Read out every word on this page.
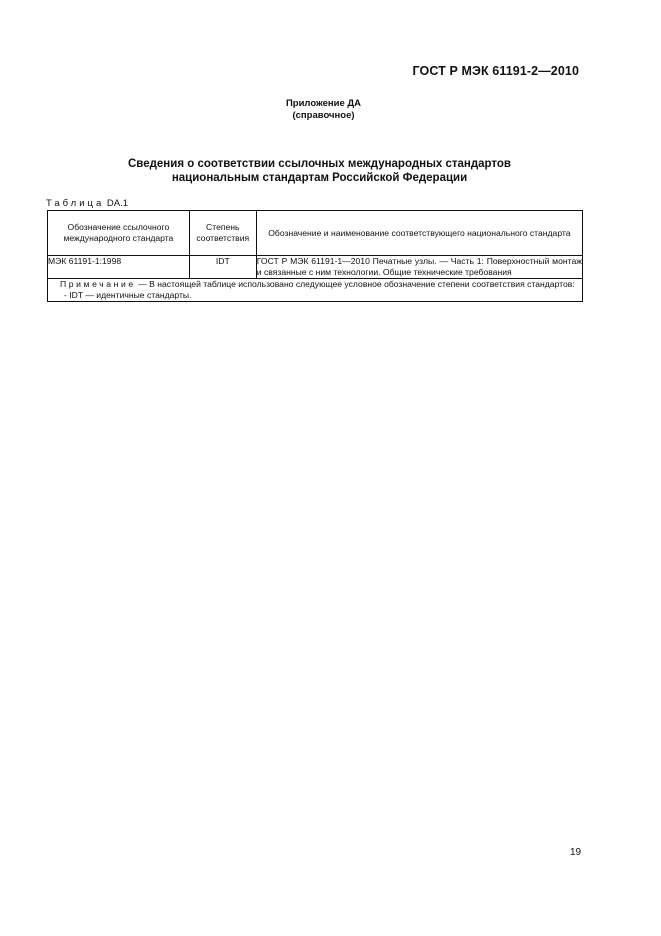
ГОСТ Р МЭК 61191-2—2010
Приложение ДА
(справочное)
Сведения о соответствии ссылочных международных стандартов
национальным стандартам Российской Федерации
Таблица DA.1
Обозначение ссылочного международного стандарта	Степень соответствия	Обозначение и наименование соответствующего национального стандарта
МЭК 61191-1:1998	IDT	ГОСТ Р МЭК 61191-1—2010 Печатные узлы. — Часть 1: Поверхностный монтаж и связанные с ним технологии. Общие технические требования

Примечание — В настоящей таблице использовано следующее условное обозначение степени соответствия стандартов:
- IDT — идентичные стандарты.		
19
